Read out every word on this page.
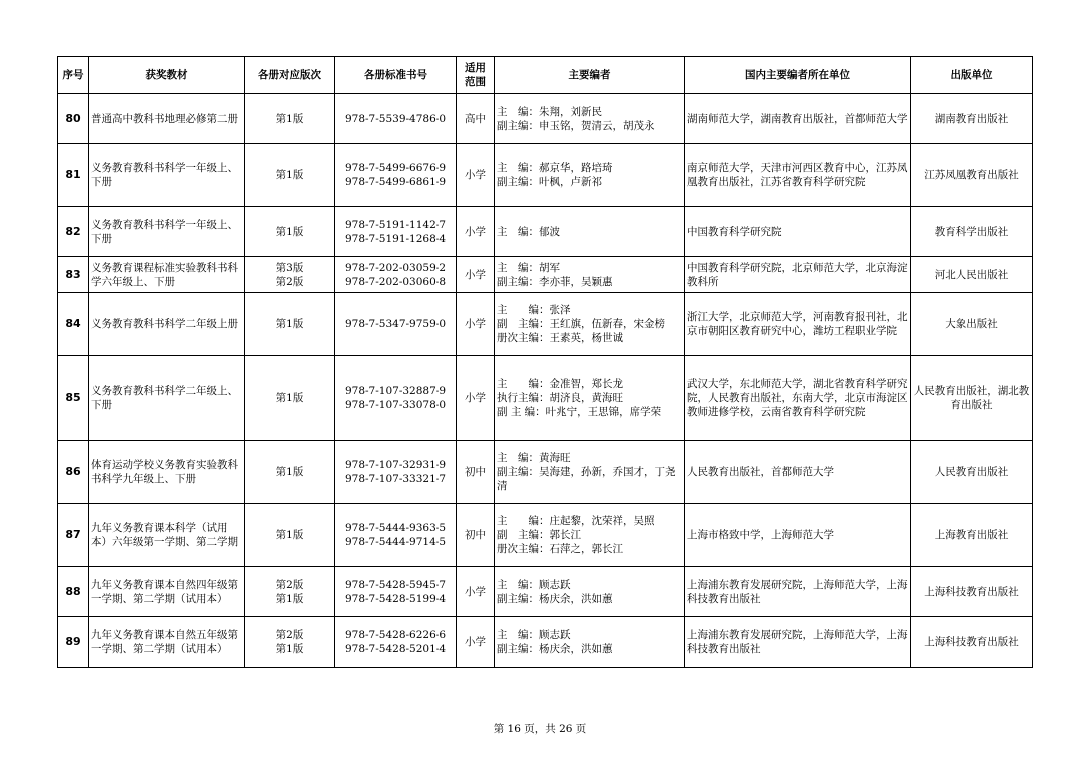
序号	获奖教材	各册对应版次	各册标准书号	适用范围	主要编者	国内主要编者所在单位	出版单位
80	普通高中教科书地理必修第二册	第1版	978-7-5539-4786-0	高中	主　编：朱翔，刘新民
副主编：申玉铭，贺清云，胡茂永	湖南师范大学，湖南教育出版社，首都师范大学	湖南教育出版社

81	义务教育教科书科学一年级上、下册	第1版	978-7-5499-6676-9
978-7-5499-6861-9	小学	主　编：郝京华，路培琦
副主编：叶枫，卢新祁	南京师范大学，天津市河西区教育中心，江苏凤凰教育出版社，江苏省教育科学研究院	江苏凤凰教育出版社

82	义务教育教科书科学一年级上、下册	第1版	978-7-5191-1142-7
978-7-5191-1268-4	小学	主　编：郁波	中国教育科学研究院	教育科学出版社

83	义务教育课程标准实验教科书科学六年级上、下册	第3版
第2版	978-7-202-03059-2
978-7-202-03060-8	小学	主　编：胡军
副主编：李亦菲，吴颖惠	中国教育科学研究院，北京师范大学，北京海淀教科所	河北人民出版社

84	义务教育教科书科学二年级上册	第1版	978-7-5347-9759-0	小学	主　　编：张泽
副　主编：王红旗，伍新春，宋金榜
册次主编：王素英，杨世诚	浙江大学，北京师范大学，河南教育报刊社，北京市朝阳区教育研究中心，潍坊工程职业学院	大象出版社

85	义务教育教科书科学二年级上、下册	第1版	978-7-107-32887-9
978-7-107-33078-0	小学	主　　编：金准智，郑长龙
执行主编：胡济良，黄海旺
副 主 编：叶兆宁，王思锦，席学荣	武汉大学，东北师范大学，湖北省教育科学研究院，人民教育出版社，东南大学，北京市海淀区教师进修学校，云南省教育科学研究院	人民教育出版社，湖北教育出版社

86	体育运动学校义务教育实验教科书科学九年级上、下册	第1版	978-7-107-32931-9
978-7-107-33321-7	初中	主　编：黄海旺
副主编：吴海建，孙新，乔国才，丁尧清	人民教育出版社，首都师范大学	人民教育出版社

87	九年义务教育课本科学（试用本）六年级第一学期、第二学期	第1版	978-7-5444-9363-5
978-7-5444-9714-5	初中	主　　编：庄起黎，沈荣祥，吴照
副　主编：郭长江
册次主编：石萍之，郭长江	上海市格致中学，上海师范大学	上海教育出版社

88	九年义务教育课本自然四年级第一学期、第二学期（试用本）	第2版
第1版	978-7-5428-5945-7
978-7-5428-5199-4	小学	主　编：顾志跃
副主编：杨庆余，洪如蕙	上海浦东教育发展研究院，上海师范大学，上海科技教育出版社	上海科技教育出版社

89	九年义务教育课本自然五年级第一学期、第二学期（试用本）	第2版
第1版	978-7-5428-6226-6
978-7-5428-5201-4	小学	主　编：顾志跃
副主编：杨庆余，洪如蕙	上海浦东教育发展研究院，上海师范大学，上海科技教育出版社	上海科技教育出版社
第 16 页，共 26 页
